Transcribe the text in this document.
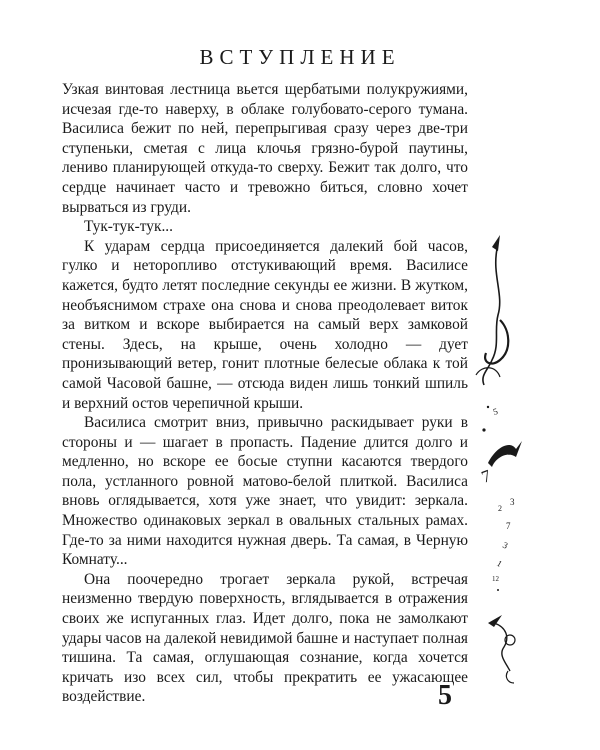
ВСТУПЛЕНИЕ

Узкая винтовая лестница вьется щербатыми полукружиями, исчезая где-то наверху, в облаке голубовато-серого тумана. Василиса бежит по ней, перепрыгивая сразу через две-три ступеньки, сметая с лица клочья грязно-бурой паутины, лениво планирующей откуда-то сверху. Бежит так долго, что сердце начинает часто и тревожно биться, словно хочет вырваться из груди.

Тук-тук-тук...

К ударам сердца присоединяется далекий бой часов, гулко и неторопливо отстукивающий время. Василисе кажется, будто летят последние секунды ее жизни. В жутком, необъяснимом страхе она снова и снова преодолевает виток за витком и вскоре выбирается на самый верх замковой стены. Здесь, на крыше, очень холодно — дует пронизывающий ветер, гонит плотные белесые облака к той самой Часовой башне, — отсюда виден лишь тонкий шпиль и верхний остов черепичной крыши.

Василиса смотрит вниз, привычно раскидывает руки в стороны и — шагает в пропасть. Падение длится долго и медленно, но вскоре ее босые ступни касаются твердого пола, устланного ровной матово-белой плиткой. Василиса вновь оглядывается, хотя уже знает, что увидит: зеркала. Множество одинаковых зеркал в овальных стальных рамах. Где-то за ними находится нужная дверь. Та самая, в Черную Комнату...

Она поочередно трогает зеркала рукой, встречая неизменно твердую поверхность, вглядывается в отражения своих же испуганных глаз. Идет долго, пока не замолкают удары часов на далекой невидимой башне и наступает полная тишина. Та самая, оглушающая сознание, когда хочется кричать изо всех сил, чтобы прекратить ее ужасающее воздействие.

5
7
3
2
7
3
1
12
5
